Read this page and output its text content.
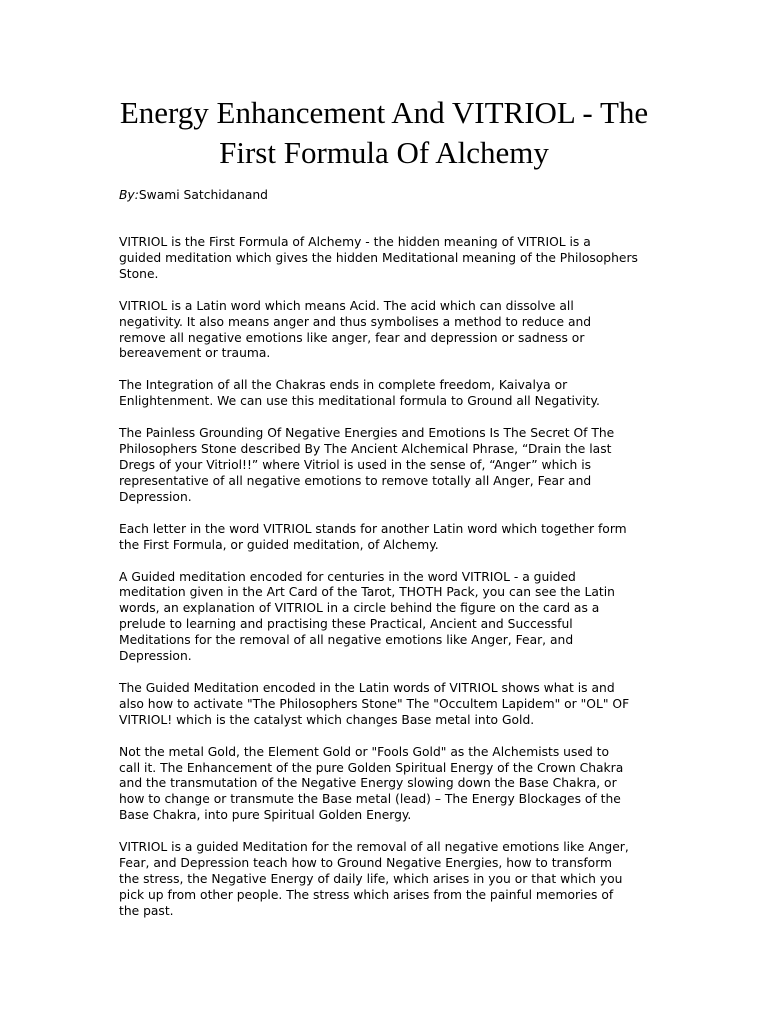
Energy Enhancement And VITRIOL - The
First Formula Of Alchemy

By:Swami Satchidanand

VITRIOL is the First Formula of Alchemy - the hidden meaning of VITRIOL is a
guided meditation which gives the hidden Meditational meaning of the Philosophers
Stone.

VITRIOL is a Latin word which means Acid. The acid which can dissolve all
negativity. It also means anger and thus symbolises a method to reduce and
remove all negative emotions like anger, fear and depression or sadness or
bereavement or trauma.

The Integration of all the Chakras ends in complete freedom, Kaivalya or
Enlightenment. We can use this meditational formula to Ground all Negativity.

The Painless Grounding Of Negative Energies and Emotions Is The Secret Of The
Philosophers Stone described By The Ancient Alchemical Phrase, “Drain the last
Dregs of your Vitriol!!” where Vitriol is used in the sense of, “Anger” which is
representative of all negative emotions to remove totally all Anger, Fear and
Depression.

Each letter in the word VITRIOL stands for another Latin word which together form
the First Formula, or guided meditation, of Alchemy.

A Guided meditation encoded for centuries in the word VITRIOL - a guided
meditation given in the Art Card of the Tarot, THOTH Pack, you can see the Latin
words, an explanation of VITRIOL in a circle behind the figure on the card as a
prelude to learning and practising these Practical, Ancient and Successful
Meditations for the removal of all negative emotions like Anger, Fear, and
Depression.

The Guided Meditation encoded in the Latin words of VITRIOL shows what is and
also how to activate "The Philosophers Stone" The "Occultem Lapidem" or "OL" OF
VITRIOL! which is the catalyst which changes Base metal into Gold.

Not the metal Gold, the Element Gold or "Fools Gold" as the Alchemists used to
call it. The Enhancement of the pure Golden Spiritual Energy of the Crown Chakra
and the transmutation of the Negative Energy slowing down the Base Chakra, or
how to change or transmute the Base metal (lead) – The Energy Blockages of the
Base Chakra, into pure Spiritual Golden Energy.

VITRIOL is a guided Meditation for the removal of all negative emotions like Anger,
Fear, and Depression teach how to Ground Negative Energies, how to transform
the stress, the Negative Energy of daily life, which arises in you or that which you
pick up from other people. The stress which arises from the painful memories of
the past.
